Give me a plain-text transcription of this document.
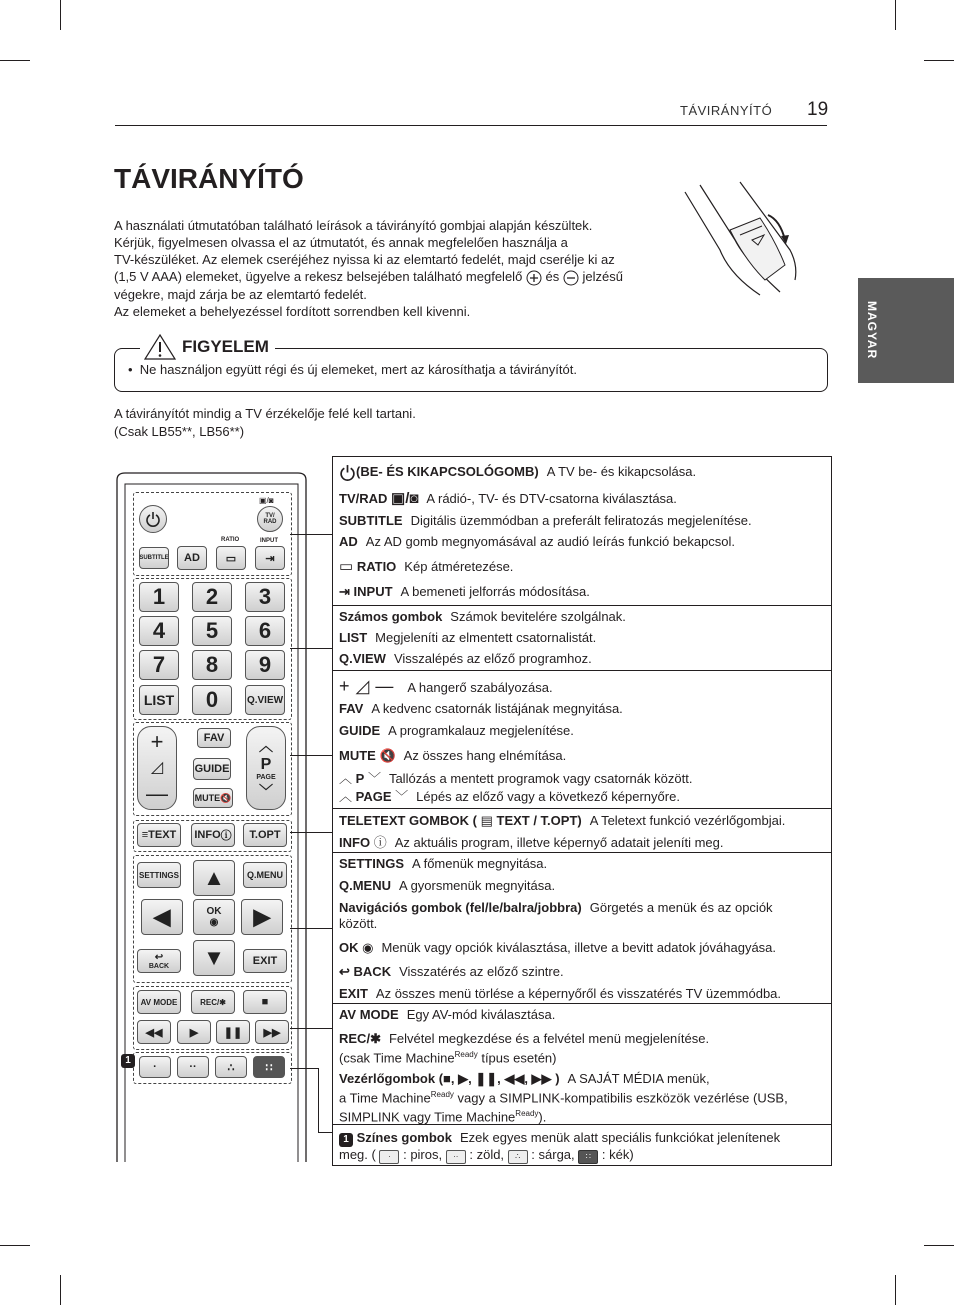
TÁVIRÁNYÍTÓ 19
MAGYAR
TÁVIRÁNYÍTÓ

A használati útmutatóban található leírások a távirányító gombjai alapján készültek.

Kérjük, figyelmesen olvassa el az útmutatót, és annak megfelelően használja a

TV-készüléket. Az elemek cseréjéhez nyissa ki az elemtartó fedelét, majd cserélje ki az

(1,5 V AAA) elemeket, ügyelve a rekesz belsejében található megfelelő és jelzésű

végekre, majd zárja be az elemtartó fedelét.

Az elemeket a behelyezéssel fordított sorrendben kell kivenni.

FIGYELEM
•  Ne használjon együtt régi és új elemeket, mert az károsíthatja a távirányítót.

A távirányítót mindig a TV érzékelője felé kell tartani.

(Csak LB55**, LB56**)

▣/◙
TV/
RAD
RATIO	INPUT
SUBTITLE	AD	▭	⇥
1	2	3
4	5	6
7	8	9
LIST	0	Q.VIEW
+
◿
—
FAV
GUIDE
MUTE 🔇
︿
P
PAGE
﹀
≡ TEXT INFO ⓘ	T.OPT
SETTINGS	Q.MENU
▲
◀	OK
◉	▶
▼
↩
BACK	EXIT
AV MODE	REC/ ✱	■
◀◀	▶	❚❚	▶▶
1
·	··	∴	∷
(BE- ÉS KIKAPCSOLÓGOMB) A TV be- és kikapcsolása.
TV/RAD ▣/◙ A rádió-, TV- és DTV-csatorna kiválasztása.
SUBTITLE Digitális üzemmódban a preferált feliratozás megjelenítése.
AD Az AD gomb megnyomásával az audió leírás funkció bekapcsol.
▭ RATIO Kép átméretezése.
⇥ INPUT A bemeneti jelforrás módosítása.
Számos gombok Számok bevitelére szolgálnak.
LIST Megjeleníti az elmentett csatornalistát.
Q.VIEW Visszalépés az előző programhoz.
+◿— A hangerő szabályozása.
FAV A kedvenc csatornák listájának megnyitása.
GUIDE A programkalauz megjelenítése.
MUTE 🔇 Az összes hang elnémítása.
︿ P ﹀ Tallózás a mentett programok vagy csatornák között.
︿ PAGE ﹀ Lépés az előző vagy a következő képernyőre.
TELETEXT GOMBOK ( ▤ TEXT / T.OPT) A Teletext funkció vezérlőgombjai.
INFO ⓘ Az aktuális program, illetve képernyő adatait jeleníti meg.
SETTINGS A főmenük megnyitása.
Q.MENU A gyorsmenük megnyitása.
Navigációs gombok (fel/le/balra/jobbra) Görgetés a menük és az opciók
között.
OK ◉ Menük vagy opciók kiválasztása, illetve a bevitt adatok jóváhagyása.
↩ BACK Visszatérés az előző szintre.
EXIT Az összes menü törlése a képernyőről és visszatérés TV üzemmódba.
AV MODE Egy AV-mód kiválasztása.
REC/✱ Felvétel megkezdése és a felvétel menü megjelenítése.
(csak Time Machine$^{Ready}$ típus esetén)
Vezérlőgombok (■, ▶, ❚❚, ◀◀, ▶▶ ) A SAJÁT MÉDIA menük,
a Time Machine$^{Ready}$ vagy a SIMPLINK-kompatibilis eszközök vezérlése (USB,
SIMPLINK vagy Time Machine$^{Ready}$).
1 Színes gombok Ezek egyes menük alatt speciális funkciókat jelenítenek
meg. ( · : piros, ·· : zöld, ∴ : sárga, ∷ : kék)
